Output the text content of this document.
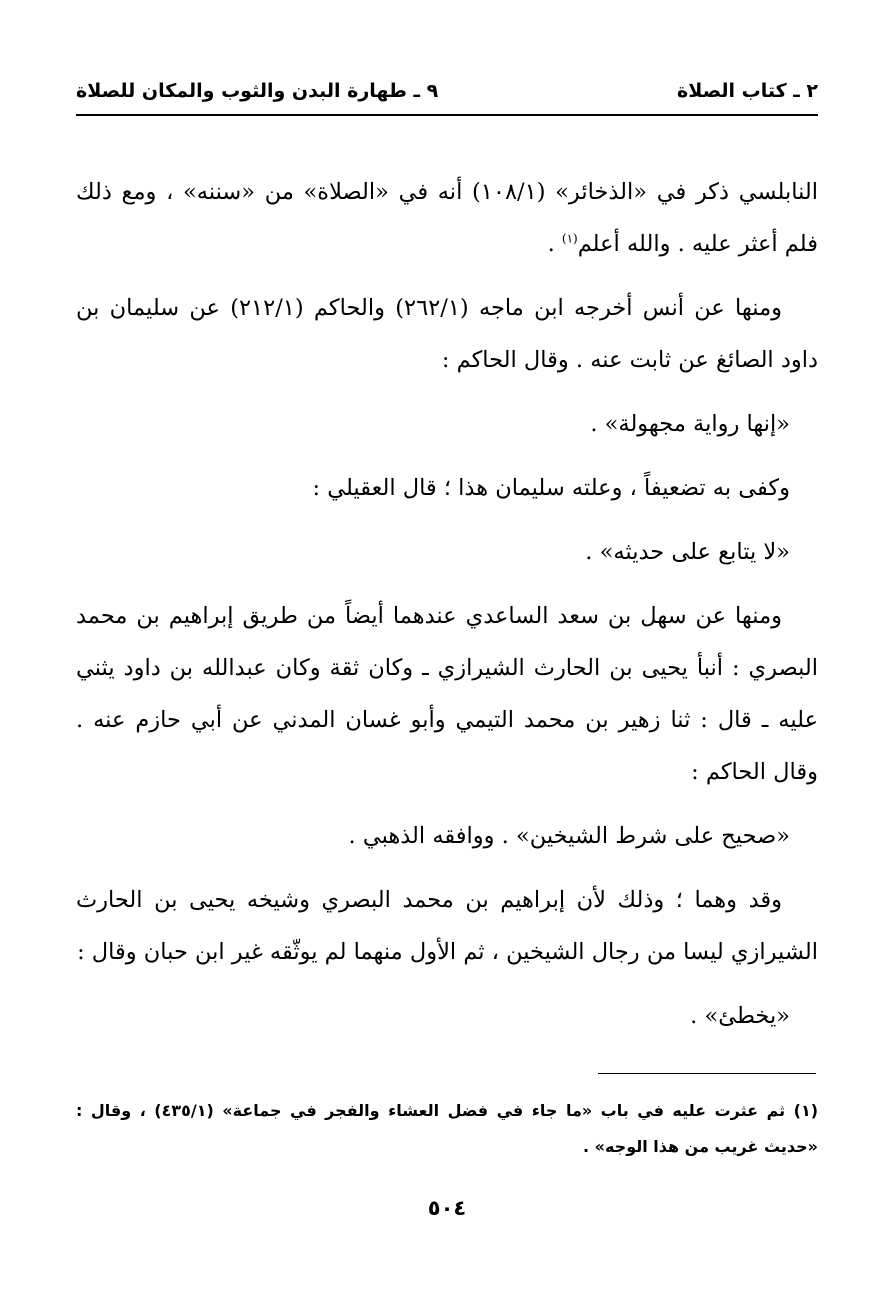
٢ ـ كتاب الصلاة
٩ ـ طهارة البدن والثوب والمكان للصلاة

النابلسي ذكر في «الذخائر» (١٠٨/١) أنه في «الصلاة» من «سننه» ، ومع ذلك فلم أعثر عليه . والله أعلم$^{(١)}$ .

ومنها عن أنس أخرجه ابن ماجه (٢٦٢/١) والحاكم (٢١٢/١) عن سليمان بن داود الصائغ عن ثابت عنه . وقال الحاكم :

«إنها رواية مجهولة» .

وكفى به تضعيفاً ، وعلته سليمان هذا ؛ قال العقيلي :

«لا يتابع على حديثه» .

ومنها عن سهل بن سعد الساعدي عندهما أيضاً من طريق إبراهيم بن محمد البصري : أنبأ يحيى بن الحارث الشيرازي ـ وكان ثقة وكان عبدالله بن داود يثني عليه ـ قال : ثنا زهير بن محمد التيمي وأبو غسان المدني عن أبي حازم عنه . وقال الحاكم :

«صحيح على شرط الشيخين» . ووافقه الذهبي .

وقد وهما ؛ وذلك لأن إبراهيم بن محمد البصري وشيخه يحيى بن الحارث الشيرازي ليسا من رجال الشيخين ، ثم الأول منهما لم يوثّقه غير ابن حبان وقال :

«يخطئ» .

(١) ثم عثرت عليه في باب «ما جاء في فضل العشاء والفجر في جماعة» (٤٣٥/١) ، وقال : «حديث غريب من هذا الوجه» .

٥٠٤
